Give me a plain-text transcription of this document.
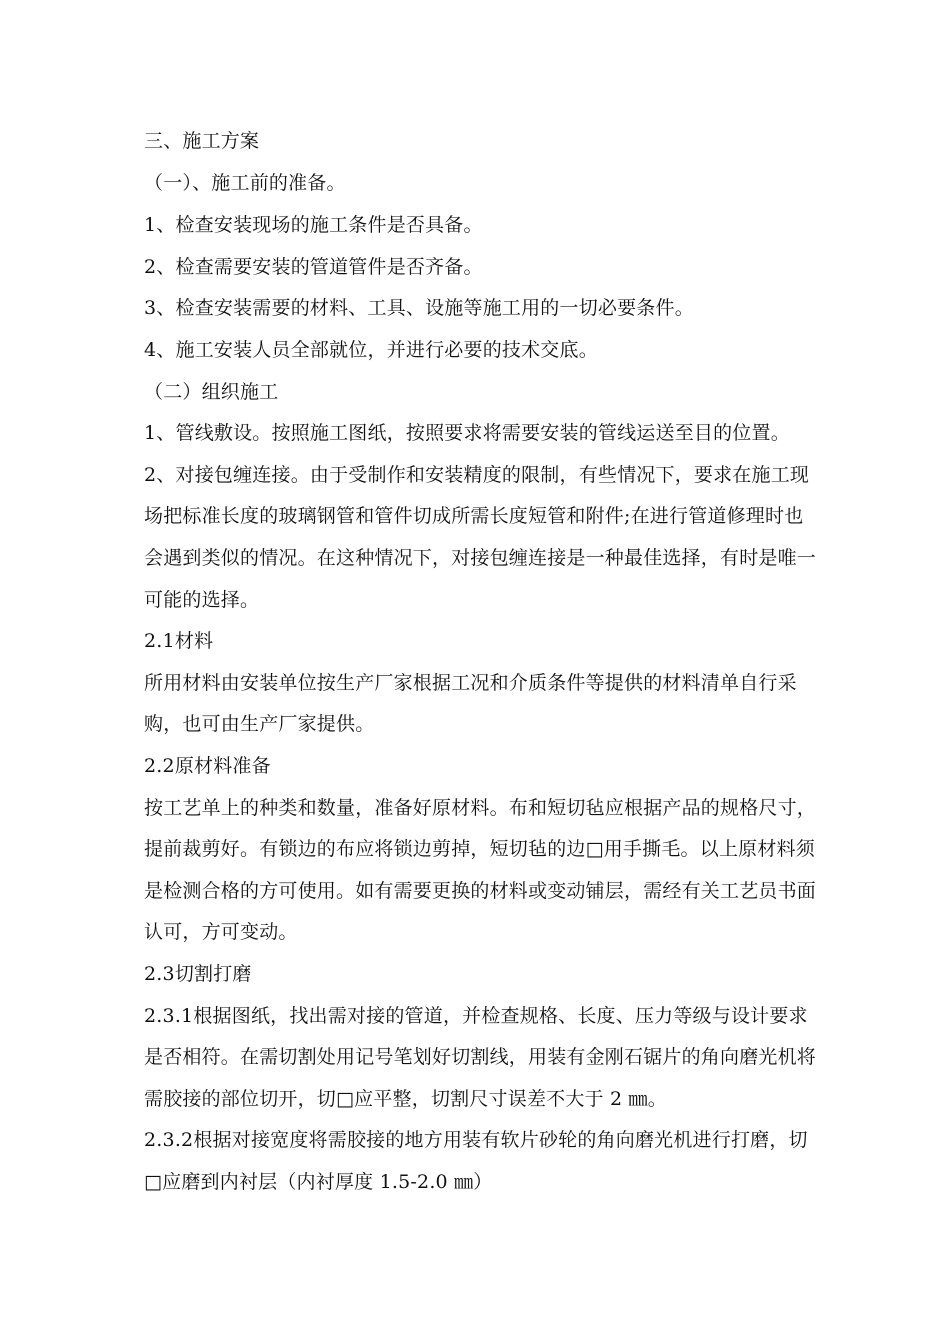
三、施工方案
（一）、施工前的准备。
1、检查安装现场的施工条件是否具备。
2、检查需要安装的管道管件是否齐备。
3、检查安装需要的材料、工具、设施等施工用的一切必要条件。
4、施工安装人员全部就位，并进行必要的技术交底。
（二）组织施工
1、管线敷设。按照施工图纸，按照要求将需要安装的管线运送至目的位置。
2、对接包缠连接。由于受制作和安装精度的限制，有些情况下，要求在施工现
场把标准长度的玻璃钢管和管件切成所需长度短管和附件;在进行管道修理时也
会遇到类似的情况。在这种情况下，对接包缠连接是一种最佳选择，有时是唯一
可能的选择。
2.1材料
所用材料由安装单位按生产厂家根据工况和介质条件等提供的材料清单自行采
购，也可由生产厂家提供。
2.2原材料准备
按工艺单上的种类和数量，准备好原材料。布和短切毡应根据产品的规格尺寸，
提前裁剪好。有锁边的布应将锁边剪掉，短切毡的边□用手撕毛。以上原材料须
是检测合格的方可使用。如有需要更换的材料或变动铺层，需经有关工艺员书面
认可，方可变动。
2.3切割打磨
2.3.1根据图纸，找出需对接的管道，并检查规格、长度、压力等级与设计要求
是否相符。在需切割处用记号笔划好切割线，用装有金刚石锯片的角向磨光机将
需胶接的部位切开，切□应平整，切割尺寸误差不大于 2 ㎜。
2.3.2根据对接宽度将需胶接的地方用装有软片砂轮的角向磨光机进行打磨，切
□应磨到内衬层（内衬厚度 1.5-2.0 ㎜）
